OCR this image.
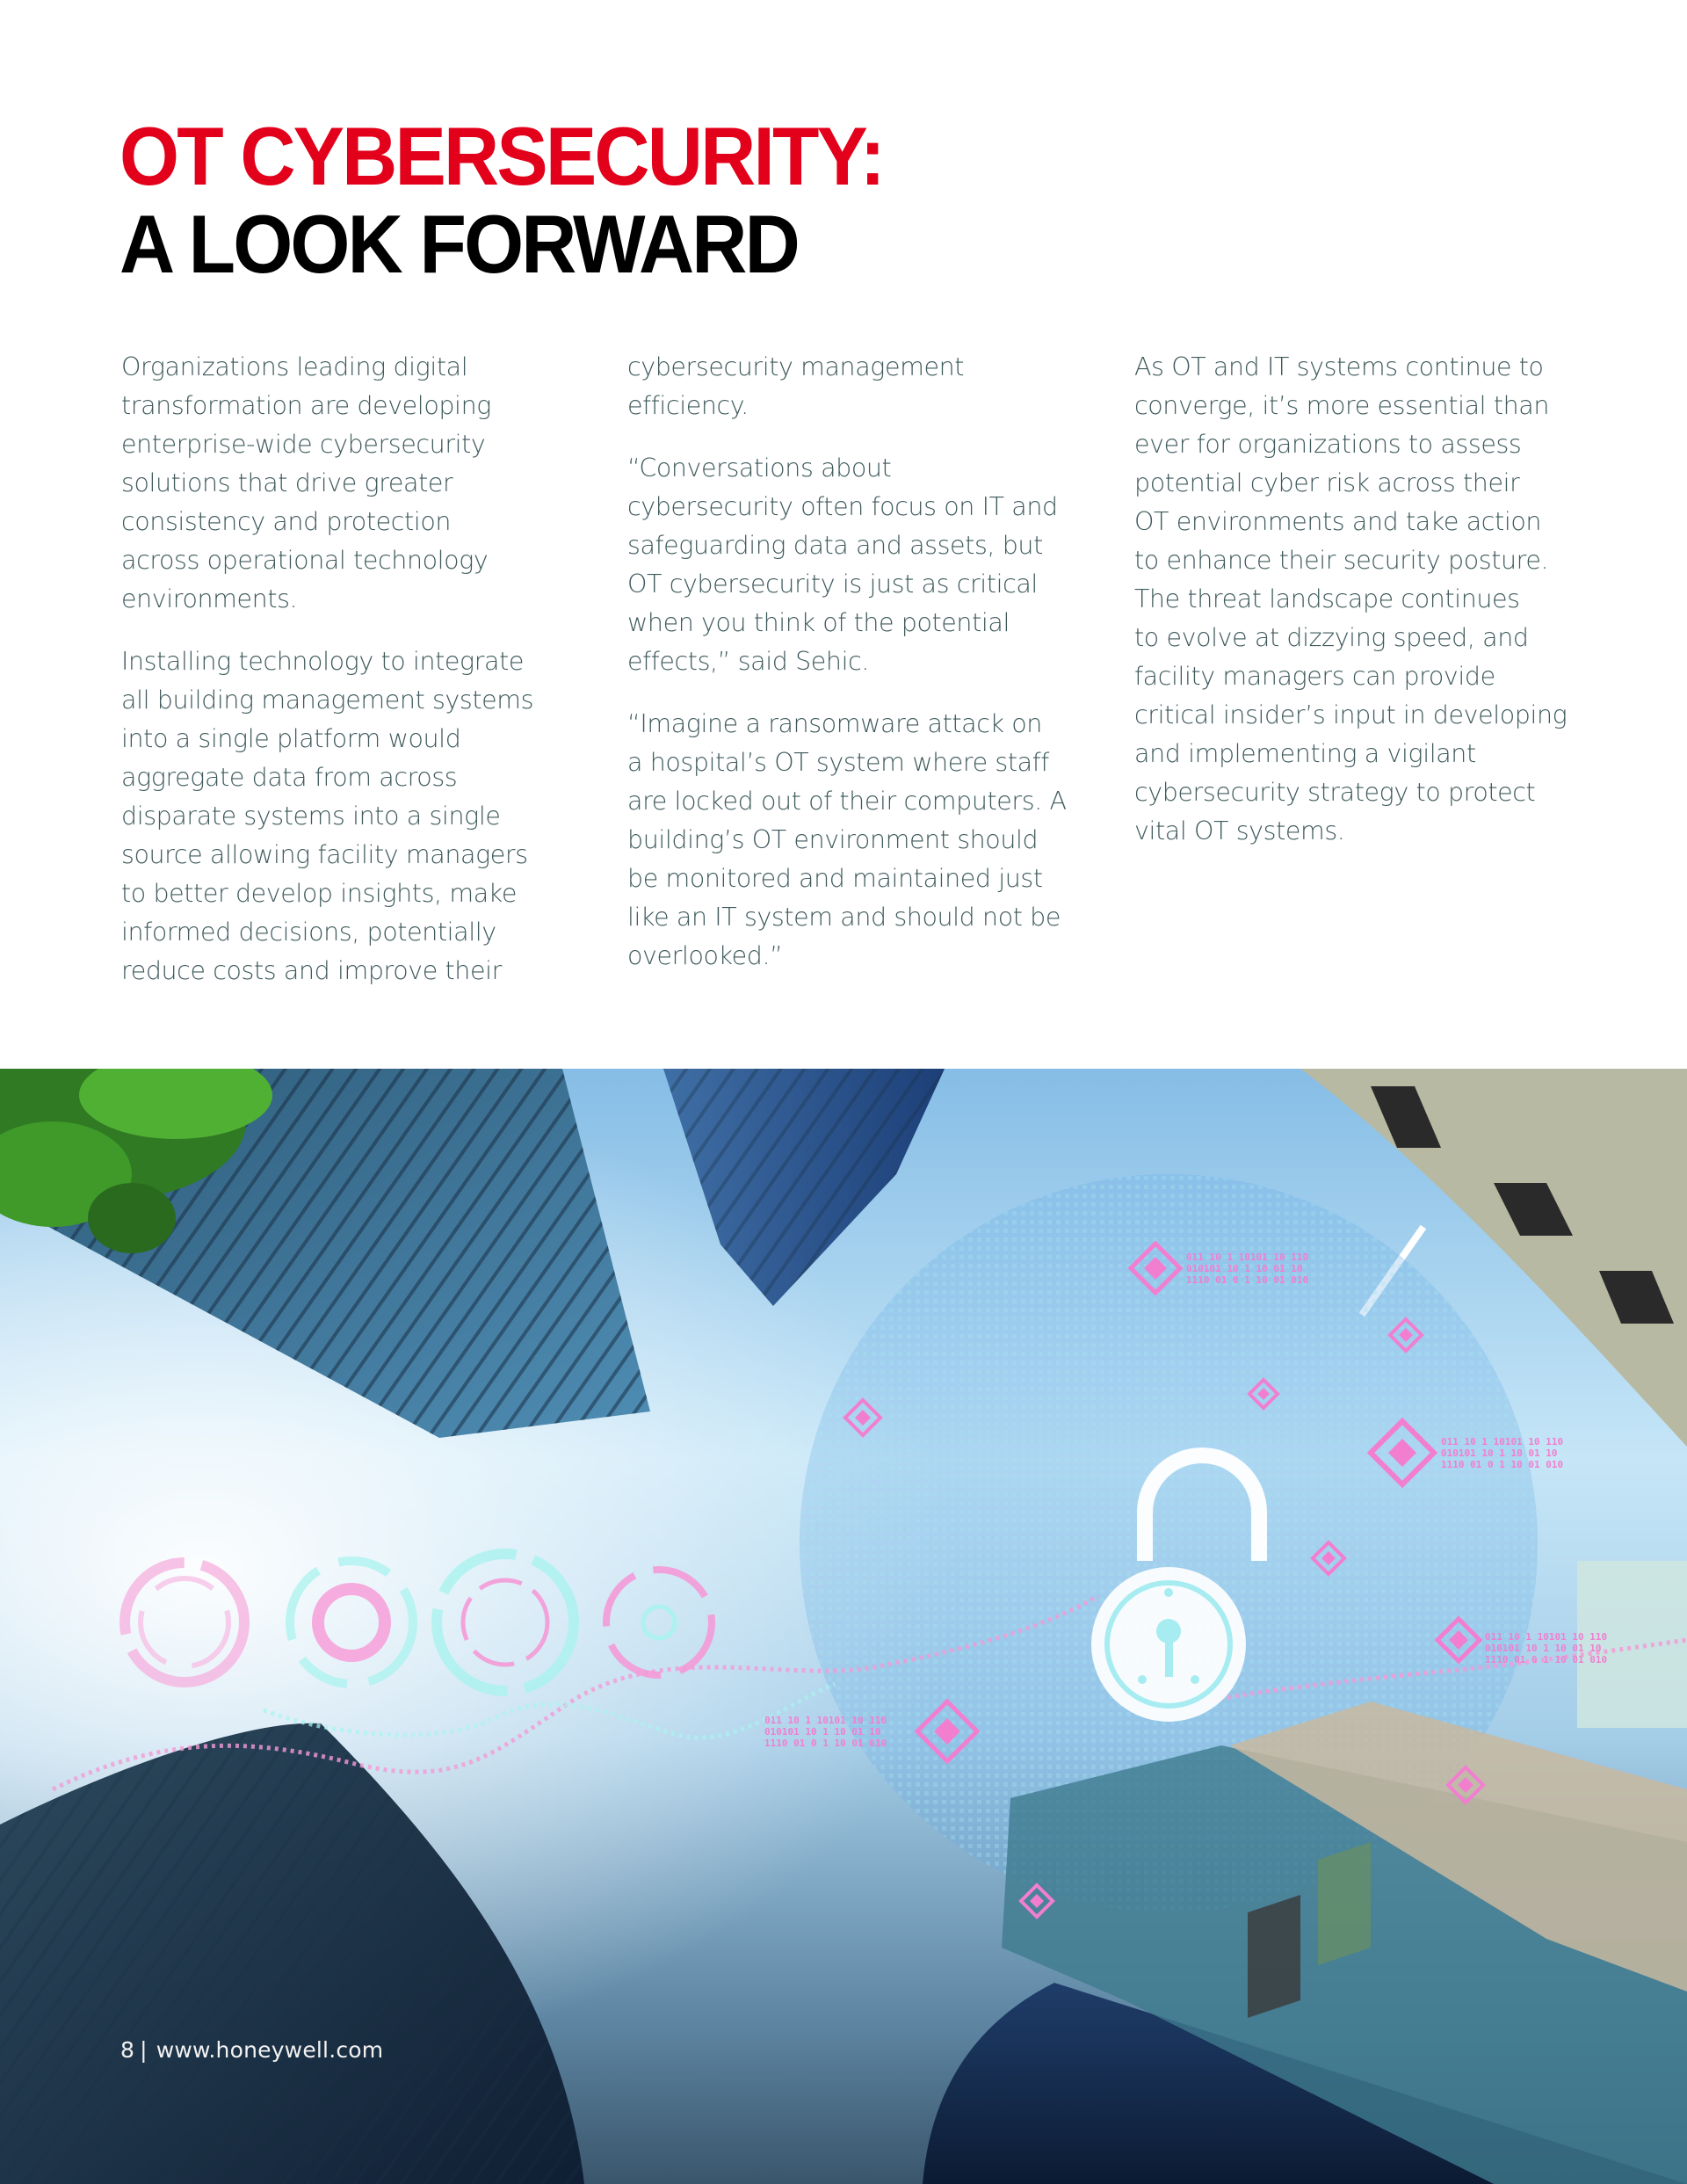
OT CYBERSECURITY:
A LOOK FORWARD

Organizations leading digital
transformation are developing
enterprise-wide cybersecurity
solutions that drive greater
consistency and protection
across operational technology
environments.

Installing technology to integrate
all building management systems
into a single platform would
aggregate data from across
disparate systems into a single
source allowing facility managers
to better develop insights, make
informed decisions, potentially
reduce costs and improve their

cybersecurity management
efficiency.

“Conversations about
cybersecurity often focus on IT and
safeguarding data and assets, but
OT cybersecurity is just as critical
when you think of the potential
effects,” said Sehic.

“Imagine a ransomware attack on
a hospital’s OT system where staff
are locked out of their computers. A
building’s OT environment should
be monitored and maintained just
like an IT system and should not be
overlooked.”

As OT and IT systems continue to
converge, it’s more essential than
ever for organizations to assess
potential cyber risk across their
OT environments and take action
to enhance their security posture.
The threat landscape continues
to evolve at dizzying speed, and
facility managers can provide
critical insider’s input in developing
and implementing a vigilant
cybersecurity strategy to protect
vital OT systems.

011 10 1 10101 10 110
010101 10 1 10 01 10
1110 01 0 1 10 01 010
011 10 1 10101 10 110
010101 10 1 10 01 10
1110 01 0 1 10 01 010
011 10 1 10101 10 110
010101 10 1 10 01 10
1110 01 0 1 10 01 010
011 10 1 10101 10 110
010101 10 1 10 01 10
1110 01 0 1 10 01 010
8 | www.honeywell.com
